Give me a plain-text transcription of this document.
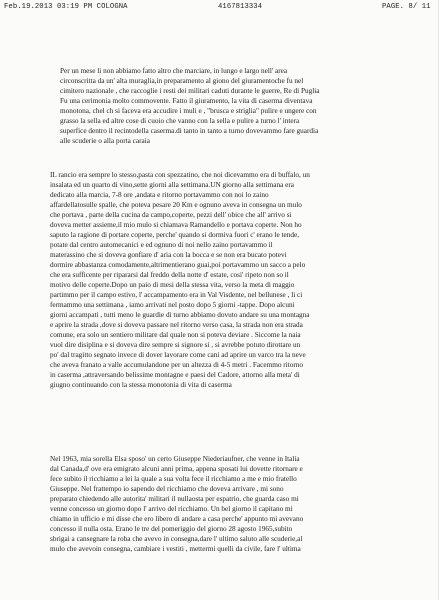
Feb.19.2013 03:19 PM COLOGNA	4167813334	PAGE. 8/ 11
Per un mese li non abbiamo fatto altro che marciare, in lungo e largo nell' area
circonscritta da un' alta muraglia,in preparamento al giono del giuramentoche fu nel
cimitero nazionale , che raccoglie i resti dei militari caduti durante le guerre, Re di Puglia
Fu una cerimonia molto commovente. Fatto il giuramento, la vita di caserma diventava
monotona, chel ch si faceva era accudire i muli e , "brusca e striglia" pulire e ungere con
grasso la sella ed altre cose di cuoio che vanno con la sella e pulire a turno l' intera
superfice dentro il recintodella caserma.di tanto in tanto a turno dovevammo fare guardia
alle scuderie o alla porta caraia
IL rancio era sempre lo stesso,pasta con spezzatino, che noi dicevammo era di buffalo, un
insalata ed un quarto di vino,sette giorni alla settimana.UN giorno alla settimana era
dedicato alla marcia, 7-8 ore ,andata e ritorno portavammo con noi lo zaino
affardellatosulle spalle, che poteva pesare 20 Km e ognuno aveva in consegna un mulo
che portava , parte della cucina da campo,coperte, pezzi dell' obice che all' arrivo si
doveva metter assieme,il mio mulo si chiamava Ramandello e portava coperte. Non ho
saputo la ragione di portare coperte, perche' quando si dormiva fuori c' erano le tende,
potate dal centro automecanici e ed ognuno di noi nello zaino portavammo il
materassino che si doveva gonfiare d' aria con la bocca e se non era bucato potevi
dormire abbastanza comodamente,altrimentierano guai,poi portavammo un sacco a pelo
che era sufficente per ripararsi dal freddo della notte d' estate, cosi' ripeto non so il
motivo delle coperte.Dopo un paio di mesi della stessa vita, verso la meta di maggio
partimmo per il campo estivo, l' accampamento era in Val Visdente, nel bellunese , li ci
fermammo una settimana , iamo arrivati nel posto dopo 5 giorni -tappe. Dopo alcuni
giorni accampati , tutti meno le guardie di turno abbiamo dovuto andare su una montagna
e aprire la strada ,dove si doveva passare nel ritorno verso casa, la strada non era strada
comune, era solo un sentiero militare dal quale non si poteva deviare . Siccome la naia
vuol dire disiplina e si doveva dire sempre si signore si , si avrebbe potuto dirottare un
po' dal tragitto segnato invece di dover lavorare come cani ad aprire un varco tra la neve
che aveva franato a valle accumulandone per un altezza di 4-5 metri . Facemmo ritorno
in caserma ,attraversando belissime montagne e paesi del Cadore, attorno alla meta' di
giugno continuando con la stessa monotonia di vita di caserma
Nel 1963, mia sorella Elsa sposo' un certo Giuseppe Niederiaufner, che venne in Italia
dal Canada,d' ove era emigrato alcuni anni prima, appena sposati lui dovette ritornare e
fece subito il ricchiamo a lei la quale a sua volta fece il ricchiamo a me e mio fratello
Giuseppe. Nel frattempo io sapendo del ricchiamo che doveva arrivare , mi sono
preparato chiedendo alle autorita' militari il nullaosta per espatrio, che guarda caso mi
venne concesso un giorno dopo l' arrivo del ricchiamo. Un bel giorno il capitano mi
chiamo in ufficio e mi disse che ero libero di andare a casa perche' appunto mi avevano
concesso il nulla osta. Erano le tre del pomeriggio del giorno 28 agosto 1965,subito
sbrigai a cansegnare la roba che avevo in consegna,dare l' ultimo saluto alle scuderie,al
mulo che avevoin consegna, cambiare i vestiti , mettermi quelli da civile, fare l' ultima
